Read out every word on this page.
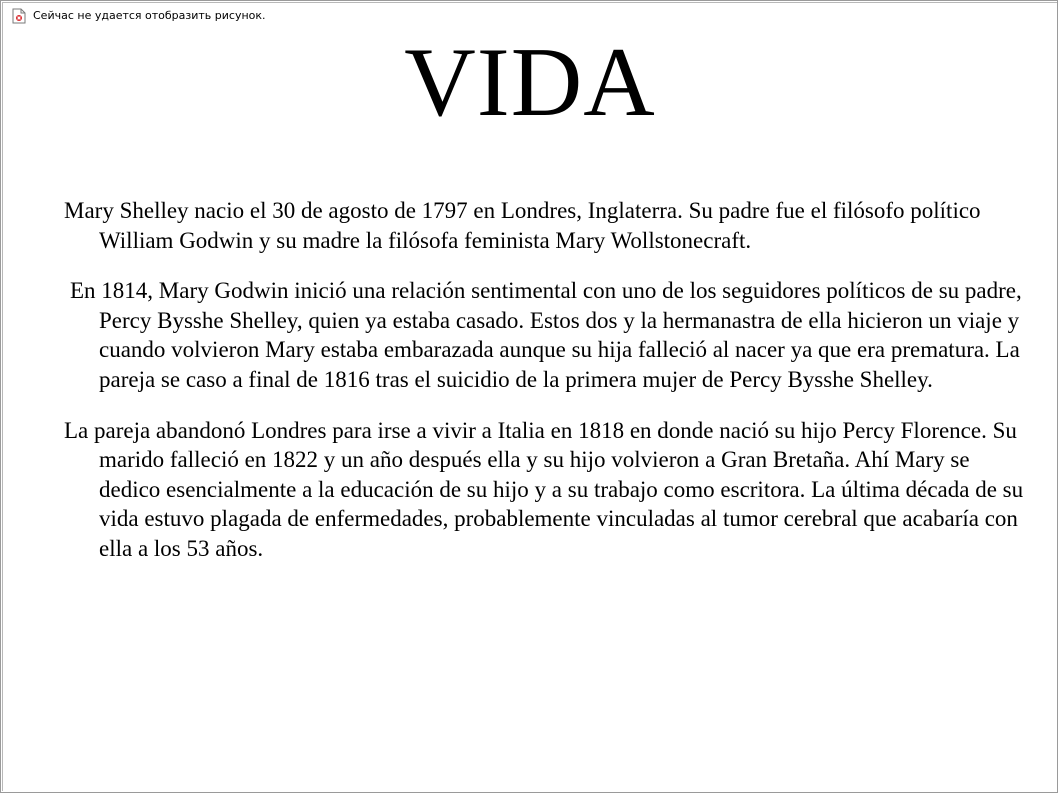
Сейчас не удается отобразить рисунок.
VIDA

Mary Shelley nacio el 30 de agosto de 1797 en Londres, Inglaterra. Su padre fue el filósofo político William Godwin y su madre la filósofa feminista Mary Wollstonecraft.

En 1814, Mary Godwin inició una relación sentimental con uno de los seguidores políticos de su padre, Percy Bysshe Shelley, quien ya estaba casado. Estos dos y la hermanastra de ella hicieron un viaje y cuando volvieron Mary estaba embarazada aunque su hija falleció al nacer ya que era prematura. La pareja se caso a final de 1816 tras el suicidio de la primera mujer de Percy Bysshe Shelley.

La pareja abandonó Londres para irse a vivir a Italia en 1818 en donde nació su hijo Percy Florence. Su marido falleció en 1822 y un año después ella y su hijo volvieron a Gran Bretaña. Ahí Mary se dedico esencialmente a la educación de su hijo y a su trabajo como escritora. La última década de su vida estuvo plagada de enfermedades, probablemente vinculadas al tumor cerebral que acabaría con ella a los 53 años.
